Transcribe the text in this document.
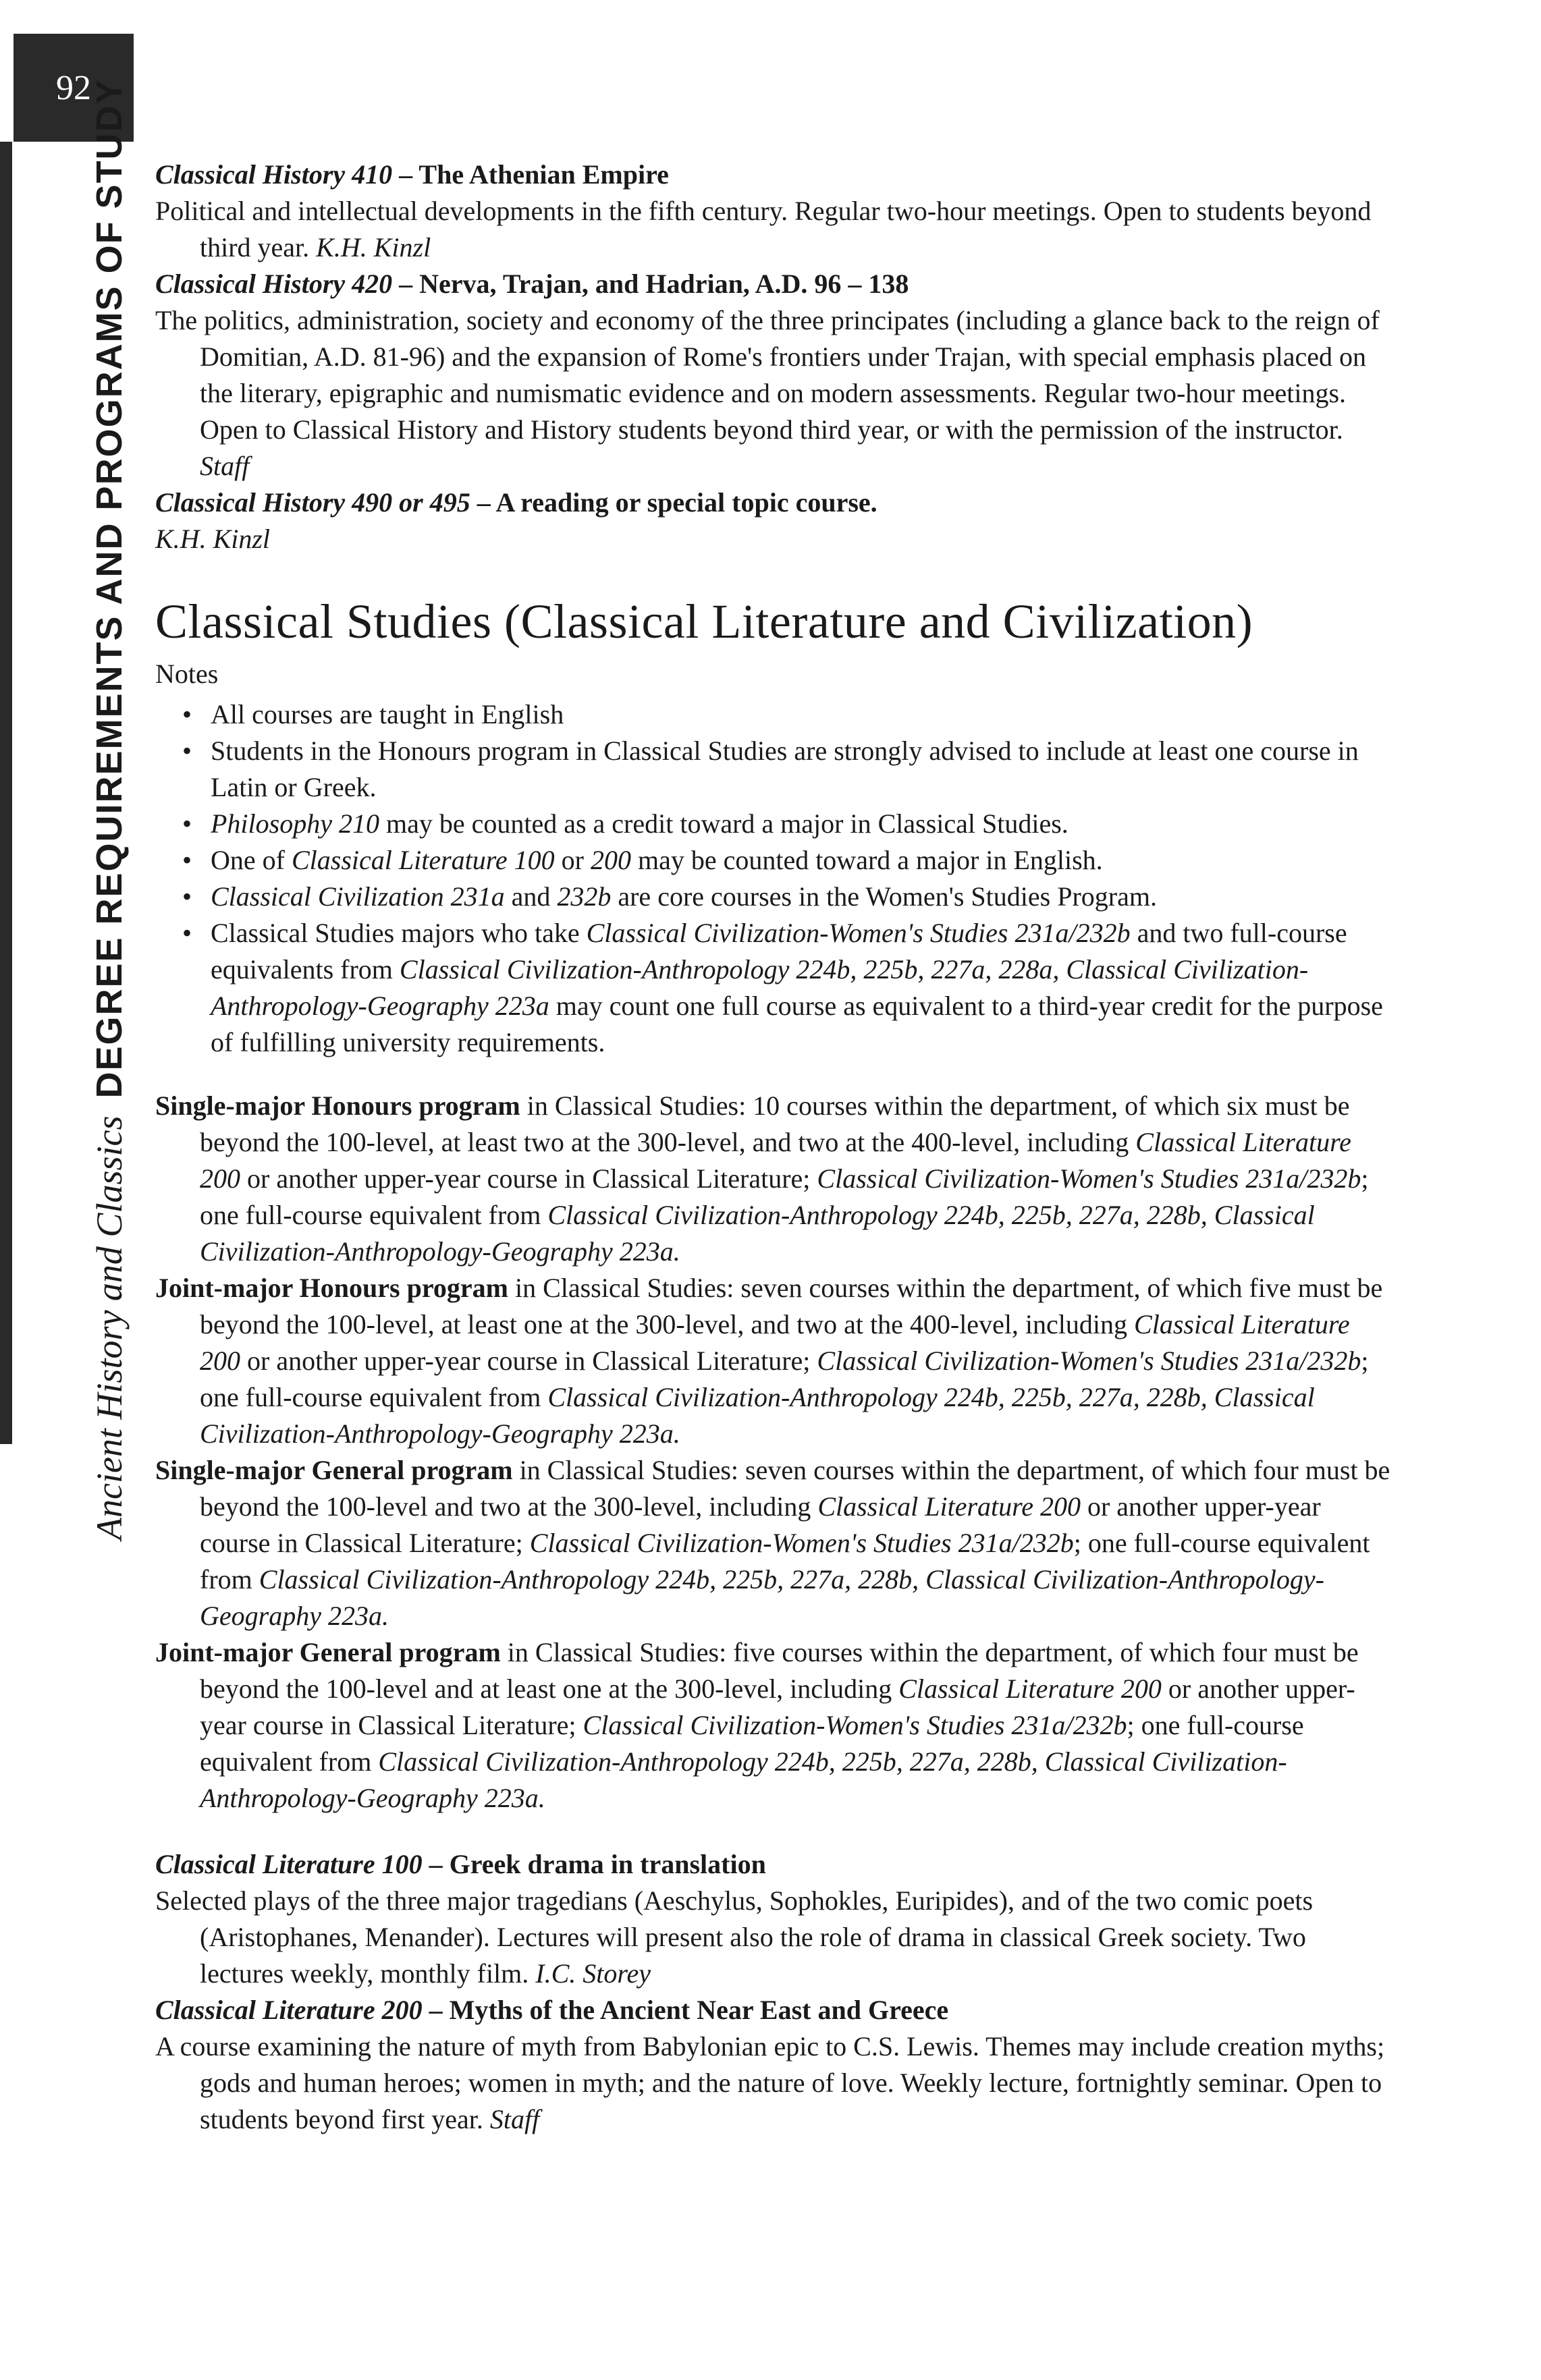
92
Ancient History and Classics
DEGREE REQUIREMENTS AND PROGRAMS OF STUDY Classical History 410 – The Athenian Empire

Political and intellectual developments in the fifth century. Regular two-hour meetings. Open to students beyond third year. K.H. Kinzl

Classical History 420 – Nerva, Trajan, and Hadrian, A.D. 96 – 138

The politics, administration, society and economy of the three principates (including a glance back to the reign of Domitian, A.D. 81-96) and the expansion of Rome's frontiers under Trajan, with special emphasis placed on the literary, epigraphic and numismatic evidence and on modern assessments. Regular two-hour meetings. Open to Classical History and History students beyond third year, or with the permission of the instructor. Staff

Classical History 490 or 495 – A reading or special topic course.

K.H. Kinzl

Classical Studies (Classical Literature and Civilization)

Notes

• All courses are taught in English
• Students in the Honours program in Classical Studies are strongly advised to include at least one course in Latin or Greek.
• Philosophy 210 may be counted as a credit toward a major in Classical Studies.
• One of Classical Literature 100 or 200 may be counted toward a major in English.
• Classical Civilization 231a and 232b are core courses in the Women's Studies Program.
• Classical Studies majors who take Classical Civilization-Women's Studies 231a/232b and two full-course equivalents from Classical Civilization-Anthropology 224b, 225b, 227a, 228a, Classical Civilization-Anthropology-Geography 223a may count one full course as equivalent to a third-year credit for the purpose of fulfilling university requirements.
Single-major Honours program in Classical Studies: 10 courses within the department, of which six must be beyond the 100-level, at least two at the 300-level, and two at the 400-level, including Classical Literature 200 or another upper-year course in Classical Literature; Classical Civilization-Women's Studies 231a/232b; one full-course equivalent from Classical Civilization-Anthropology 224b, 225b, 227a, 228b, Classical Civilization-Anthropology-Geography 223a.
Joint-major Honours program in Classical Studies: seven courses within the department, of which five must be beyond the 100-level, at least one at the 300-level, and two at the 400-level, including Classical Literature 200 or another upper-year course in Classical Literature; Classical Civilization-Women's Studies 231a/232b; one full-course equivalent from Classical Civilization-Anthropology 224b, 225b, 227a, 228b, Classical Civilization-Anthropology-Geography 223a.
Single-major General program in Classical Studies: seven courses within the department, of which four must be beyond the 100-level and two at the 300-level, including Classical Literature 200 or another upper-year course in Classical Literature; Classical Civilization-Women's Studies 231a/232b; one full-course equivalent from Classical Civilization-Anthropology 224b, 225b, 227a, 228b, Classical Civilization-Anthropology-Geography 223a.
Joint-major General program in Classical Studies: five courses within the department, of which four must be beyond the 100-level and at least one at the 300-level, including Classical Literature 200 or another upper-year course in Classical Literature; Classical Civilization-Women's Studies 231a/232b; one full-course equivalent from Classical Civilization-Anthropology 224b, 225b, 227a, 228b, Classical Civilization-Anthropology-Geography 223a.

Classical Literature 100 – Greek drama in translation

Selected plays of the three major tragedians (Aeschylus, Sophokles, Euripides), and of the two comic poets (Aristophanes, Menander). Lectures will present also the role of drama in classical Greek society. Two lectures weekly, monthly film. I.C. Storey

Classical Literature 200 – Myths of the Ancient Near East and Greece

A course examining the nature of myth from Babylonian epic to C.S. Lewis. Themes may include creation myths; gods and human heroes; women in myth; and the nature of love. Weekly lecture, fortnightly seminar. Open to students beyond first year. Staff
